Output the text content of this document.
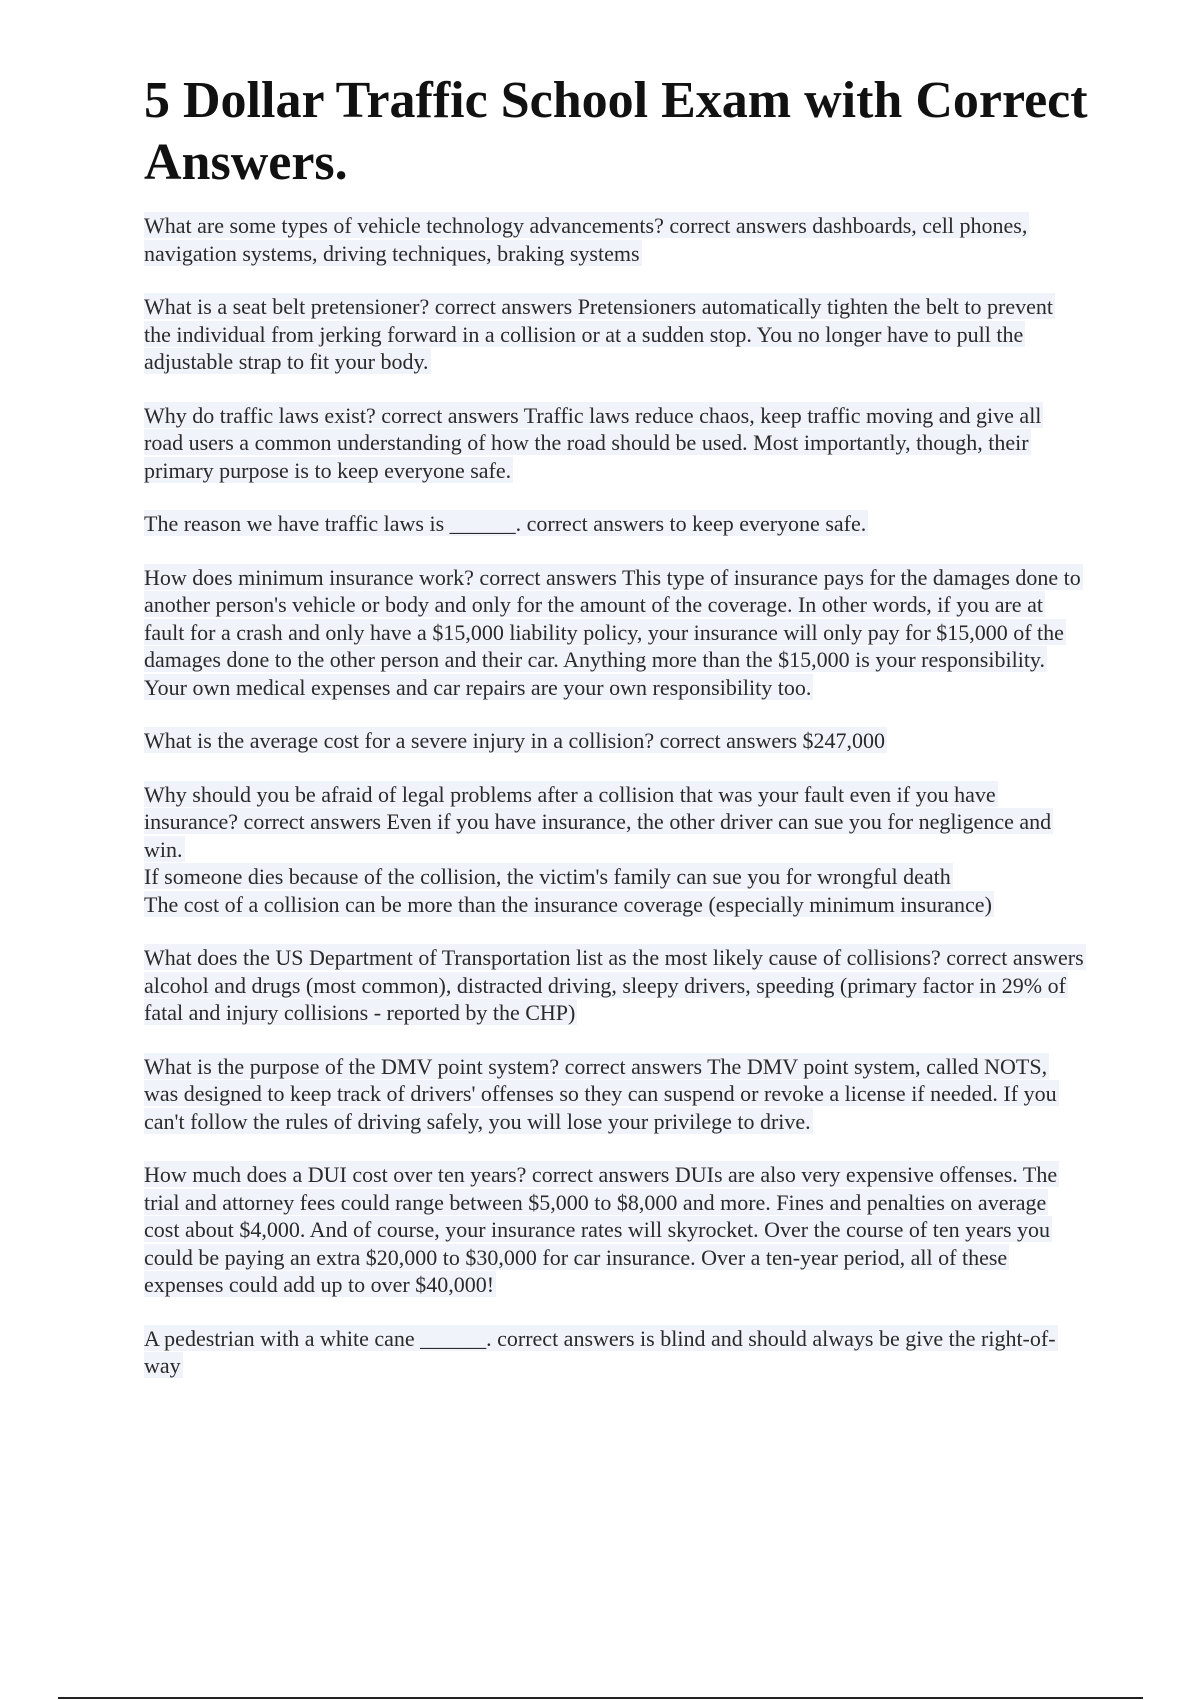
5 Dollar Traffic School Exam with Correct Answers.

What are some types of vehicle technology advancements? correct answers dashboards, cell phones, navigation systems, driving techniques, braking systems

What is a seat belt pretensioner? correct answers Pretensioners automatically tighten the belt to prevent the individual from jerking forward in a collision or at a sudden stop. You no longer have to pull the adjustable strap to fit your body.

Why do traffic laws exist? correct answers Traffic laws reduce chaos, keep traffic moving and give all road users a common understanding of how the road should be used. Most importantly, though, their primary purpose is to keep everyone safe.

The reason we have traffic laws is ______. correct answers to keep everyone safe.

How does minimum insurance work? correct answers This type of insurance pays for the damages done to another person's vehicle or body and only for the amount of the coverage. In other words, if you are at fault for a crash and only have a $15,000 liability policy, your insurance will only pay for $15,000 of the damages done to the other person and their car. Anything more than the $15,000 is your responsibility. Your own medical expenses and car repairs are your own responsibility too.

What is the average cost for a severe injury in a collision? correct answers $247,000

Why should you be afraid of legal problems after a collision that was your fault even if you have insurance? correct answers Even if you have insurance, the other driver can sue you for negligence and win.
If someone dies because of the collision, the victim's family can sue you for wrongful death
The cost of a collision can be more than the insurance coverage (especially minimum insurance)

What does the US Department of Transportation list as the most likely cause of collisions? correct answers alcohol and drugs (most common), distracted driving, sleepy drivers, speeding (primary factor in 29% of fatal and injury collisions - reported by the CHP)

What is the purpose of the DMV point system? correct answers The DMV point system, called NOTS, was designed to keep track of drivers' offenses so they can suspend or revoke a license if needed. If you can't follow the rules of driving safely, you will lose your privilege to drive.

How much does a DUI cost over ten years? correct answers DUIs are also very expensive offenses. The trial and attorney fees could range between $5,000 to $8,000 and more. Fines and penalties on average cost about $4,000. And of course, your insurance rates will skyrocket. Over the course of ten years you could be paying an extra $20,000 to $30,000 for car insurance. Over a ten-year period, all of these expenses could add up to over $40,000!

A pedestrian with a white cane ______. correct answers is blind and should always be give the right-of-way
